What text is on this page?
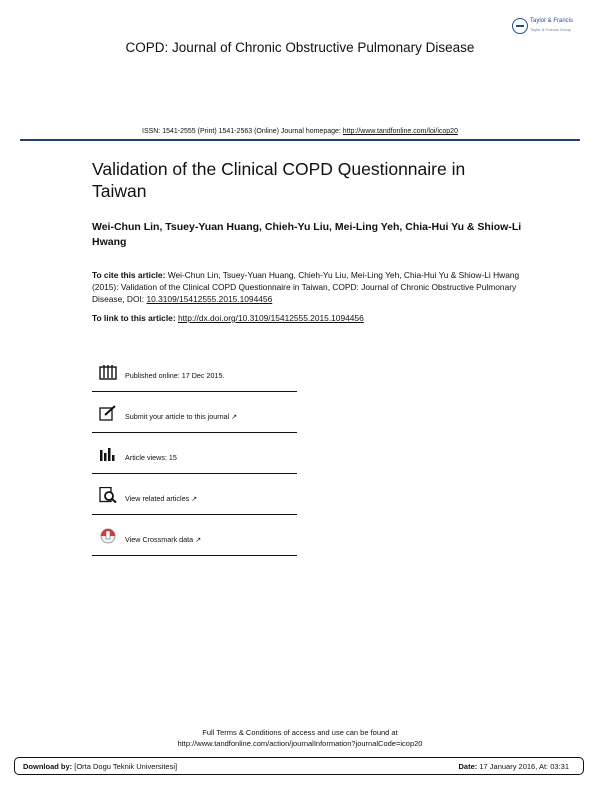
Taylor & Francis
Taylor & Francis Group
COPD: Journal of Chronic Obstructive Pulmonary Disease
ISSN: 1541-2555 (Print) 1541-2563 (Online) Journal homepage: http://www.tandfonline.com/loi/icop20
Validation of the Clinical COPD Questionnaire in Taiwan
Wei-Chun Lin, Tsuey-Yuan Huang, Chieh-Yu Liu, Mei-Ling Yeh, Chia-Hui Yu & Shiow-Li Hwang
To cite this article: Wei-Chun Lin, Tsuey-Yuan Huang, Chieh-Yu Liu, Mei-Ling Yeh, Chia-Hui Yu & Shiow-Li Hwang (2015): Validation of the Clinical COPD Questionnaire in Taiwan, COPD: Journal of Chronic Obstructive Pulmonary Disease, DOI: 10.3109/15412555.2015.1094456
To link to this article: http://dx.doi.org/10.3109/15412555.2015.1094456
Published online: 17 Dec 2015.
Submit your article to this journal ↗
Article views: 15
View related articles ↗
View Crossmark data ↗
Full Terms & Conditions of access and use can be found at
http://www.tandfonline.com/action/journalInformation?journalCode=icop20
Download by: [Orta Dogu Teknik Universitesi]	Date: 17 January 2016, At: 03:31
